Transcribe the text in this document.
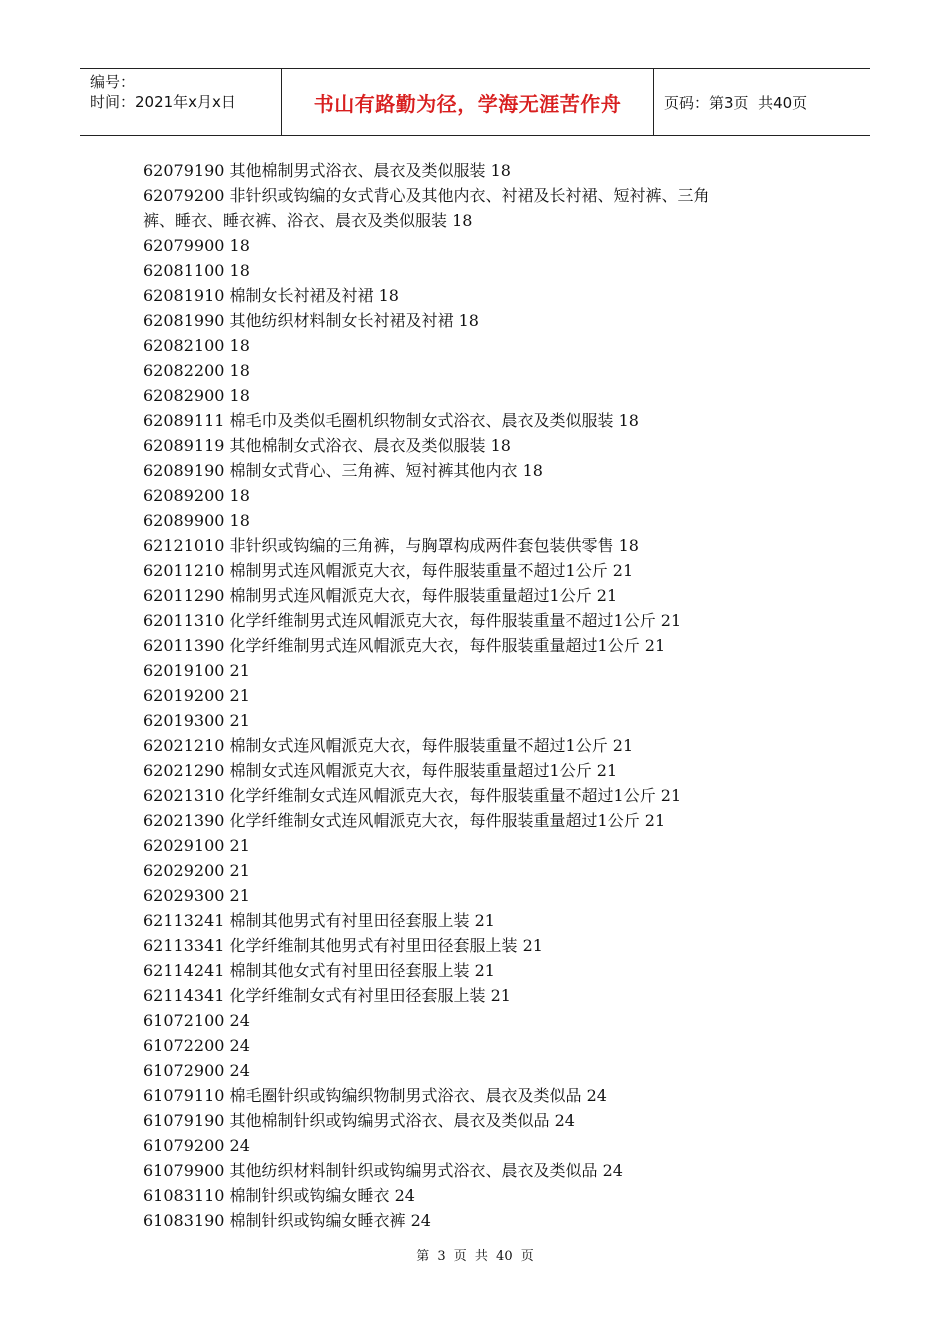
编号：
时间：2021年x月x日	书山有路勤为径，学海无涯苦作舟	页码：第3页  共40页
62079190 其他棉制男式浴衣、晨衣及类似服装 18
62079200 非针织或钩编的女式背心及其他内衣、衬裙及长衬裙、短衬裤、三角
裤、睡衣、睡衣裤、浴衣、晨衣及类似服装 18
62079900 18
62081100 18
62081910 棉制女长衬裙及衬裙 18
62081990 其他纺织材料制女长衬裙及衬裙 18
62082100 18
62082200 18
62082900 18
62089111 棉毛巾及类似毛圈机织物制女式浴衣、晨衣及类似服装 18
62089119 其他棉制女式浴衣、晨衣及类似服装 18
62089190 棉制女式背心、三角裤、短衬裤其他内衣 18
62089200 18
62089900 18
62121010 非针织或钩编的三角裤，与胸罩构成两件套包装供零售 18
62011210 棉制男式连风帽派克大衣，每件服装重量不超过1公斤 21
62011290 棉制男式连风帽派克大衣，每件服装重量超过1公斤 21
62011310 化学纤维制男式连风帽派克大衣，每件服装重量不超过1公斤 21
62011390 化学纤维制男式连风帽派克大衣，每件服装重量超过1公斤 21
62019100 21
62019200 21
62019300 21
62021210 棉制女式连风帽派克大衣，每件服装重量不超过1公斤 21
62021290 棉制女式连风帽派克大衣，每件服装重量超过1公斤 21
62021310 化学纤维制女式连风帽派克大衣，每件服装重量不超过1公斤 21
62021390 化学纤维制女式连风帽派克大衣，每件服装重量超过1公斤 21
62029100 21
62029200 21
62029300 21
62113241 棉制其他男式有衬里田径套服上装 21
62113341 化学纤维制其他男式有衬里田径套服上装 21
62114241 棉制其他女式有衬里田径套服上装 21
62114341 化学纤维制女式有衬里田径套服上装 21
61072100 24
61072200 24
61072900 24
61079110 棉毛圈针织或钩编织物制男式浴衣、晨衣及类似品 24
61079190 其他棉制针织或钩编男式浴衣、晨衣及类似品 24
61079200 24
61079900 其他纺织材料制针织或钩编男式浴衣、晨衣及类似品 24
61083110 棉制针织或钩编女睡衣 24
61083190 棉制针织或钩编女睡衣裤 24
第 3 页 共 40 页
